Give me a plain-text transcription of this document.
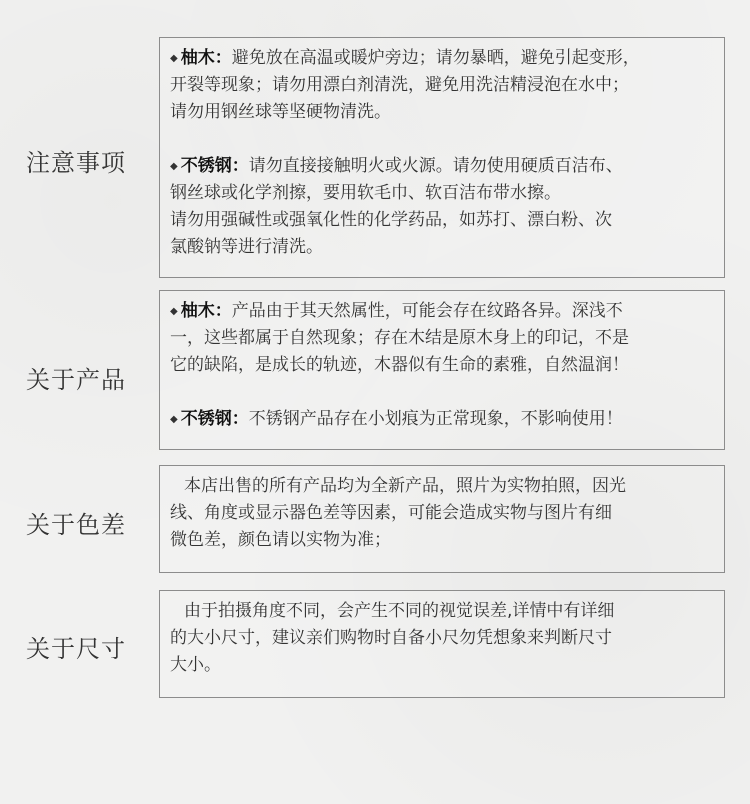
注意事项

◆ 柚木：避免放在高温或暖炉旁边；请勿暴晒，避免引起变形，

开裂等现象；请勿用漂白剂清洗，避免用洗洁精浸泡在水中；

请勿用钢丝球等坚硬物清洗。

◆ 不锈钢：请勿直接接触明火或火源。请勿使用硬质百洁布、

钢丝球或化学剂擦，要用软毛巾、软百洁布带水擦。

请勿用强碱性或强氧化性的化学药品，如苏打、漂白粉、次

氯酸钠等进行清洗。

关于产品

◆ 柚木：产品由于其天然属性，可能会存在纹路各异。深浅不

一，这些都属于自然现象；存在木结是原木身上的印记，不是

它的缺陷，是成长的轨迹，木器似有生命的素雅，自然温润！

◆ 不锈钢：不锈钢产品存在小划痕为正常现象，不影响使用！

关于色差

本店出售的所有产品均为全新产品，照片为实物拍照，因光

线、角度或显示器色差等因素，可能会造成实物与图片有细

微色差，颜色请以实物为准；

关于尺寸

由于拍摄角度不同，会产生不同的视觉误差,详情中有详细

的大小尺寸，建议亲们购物时自备小尺勿凭想象来判断尺寸

大小。
